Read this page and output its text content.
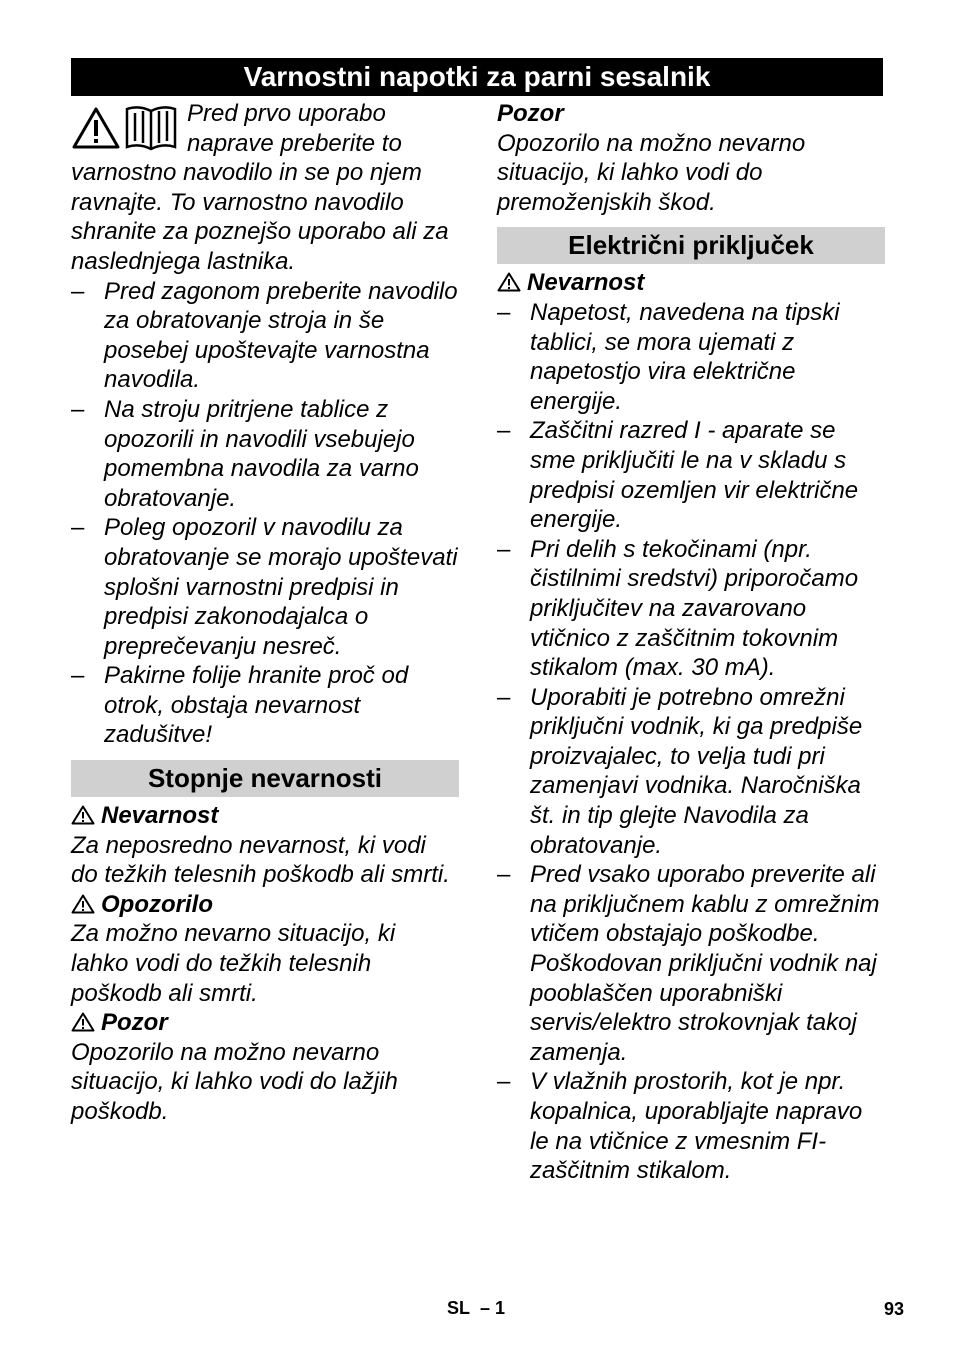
Varnostni napotki za parni sesalnik

Pred prvo uporabo naprave preberite to varnostno navodilo in se po njem ravnajte. To varnostno navodilo shranite za poznejšo uporabo ali za naslednjega lastnika.

– Pred zagonom preberite navodilo za obratovanje stroja in še posebej upoštevajte varnostna navodila.
– Na stroju pritrjene tablice z opozorili in navodili vsebujejo pomembna navodila za varno obratovanje.
– Poleg opozoril v navodilu za obratovanje se morajo upoštevati splošni varnostni predpisi in predpisi zakonodajalca o preprečevanju nesreč.
– Pakirne folije hranite proč od otrok, obstaja nevarnost zadušitve!
Stopnje nevarnosti

Nevarnost

Za neposredno nevarnost, ki vodi do težkih telesnih poškodb ali smrti.

Opozorilo

Za možno nevarno situacijo, ki lahko vodi do težkih telesnih poškodb ali smrti.

Pozor

Opozorilo na možno nevarno situacijo, ki lahko vodi do lažjih poškodb.

Pozor

Opozorilo na možno nevarno situacijo, ki lahko vodi do premoženjskih škod.

Električni priključek

Nevarnost

– Napetost, navedena na tipski tablici, se mora ujemati z napetostjo vira električne energije.
– Zaščitni razred I - aparate se sme priključiti le na v skladu s predpisi ozemljen vir električne energije.
– Pri delih s tekočinami (npr. čistilnimi sredstvi) priporočamo priključitev na zavarovano vtičnico z zaščitnim tokovnim stikalom (max. 30 mA).
– Uporabiti je potrebno omrežni priključni vodnik, ki ga predpiše proizvajalec, to velja tudi pri zamenjavi vodnika. Naročniška št. in tip glejte Navodila za obratovanje.
– Pred vsako uporabo preverite ali na priključnem kablu z omrežnim vtičem obstajajo poškodbe. Poškodovan priključni vodnik naj pooblaščen uporabniški servis/elektro strokovnjak takoj zamenja.
– V vlažnih prostorih, kot je npr. kopalnica, uporabljajte napravo le na vtičnice z vmesnim FI-zaščitnim stikalom.
SL – 1	93
